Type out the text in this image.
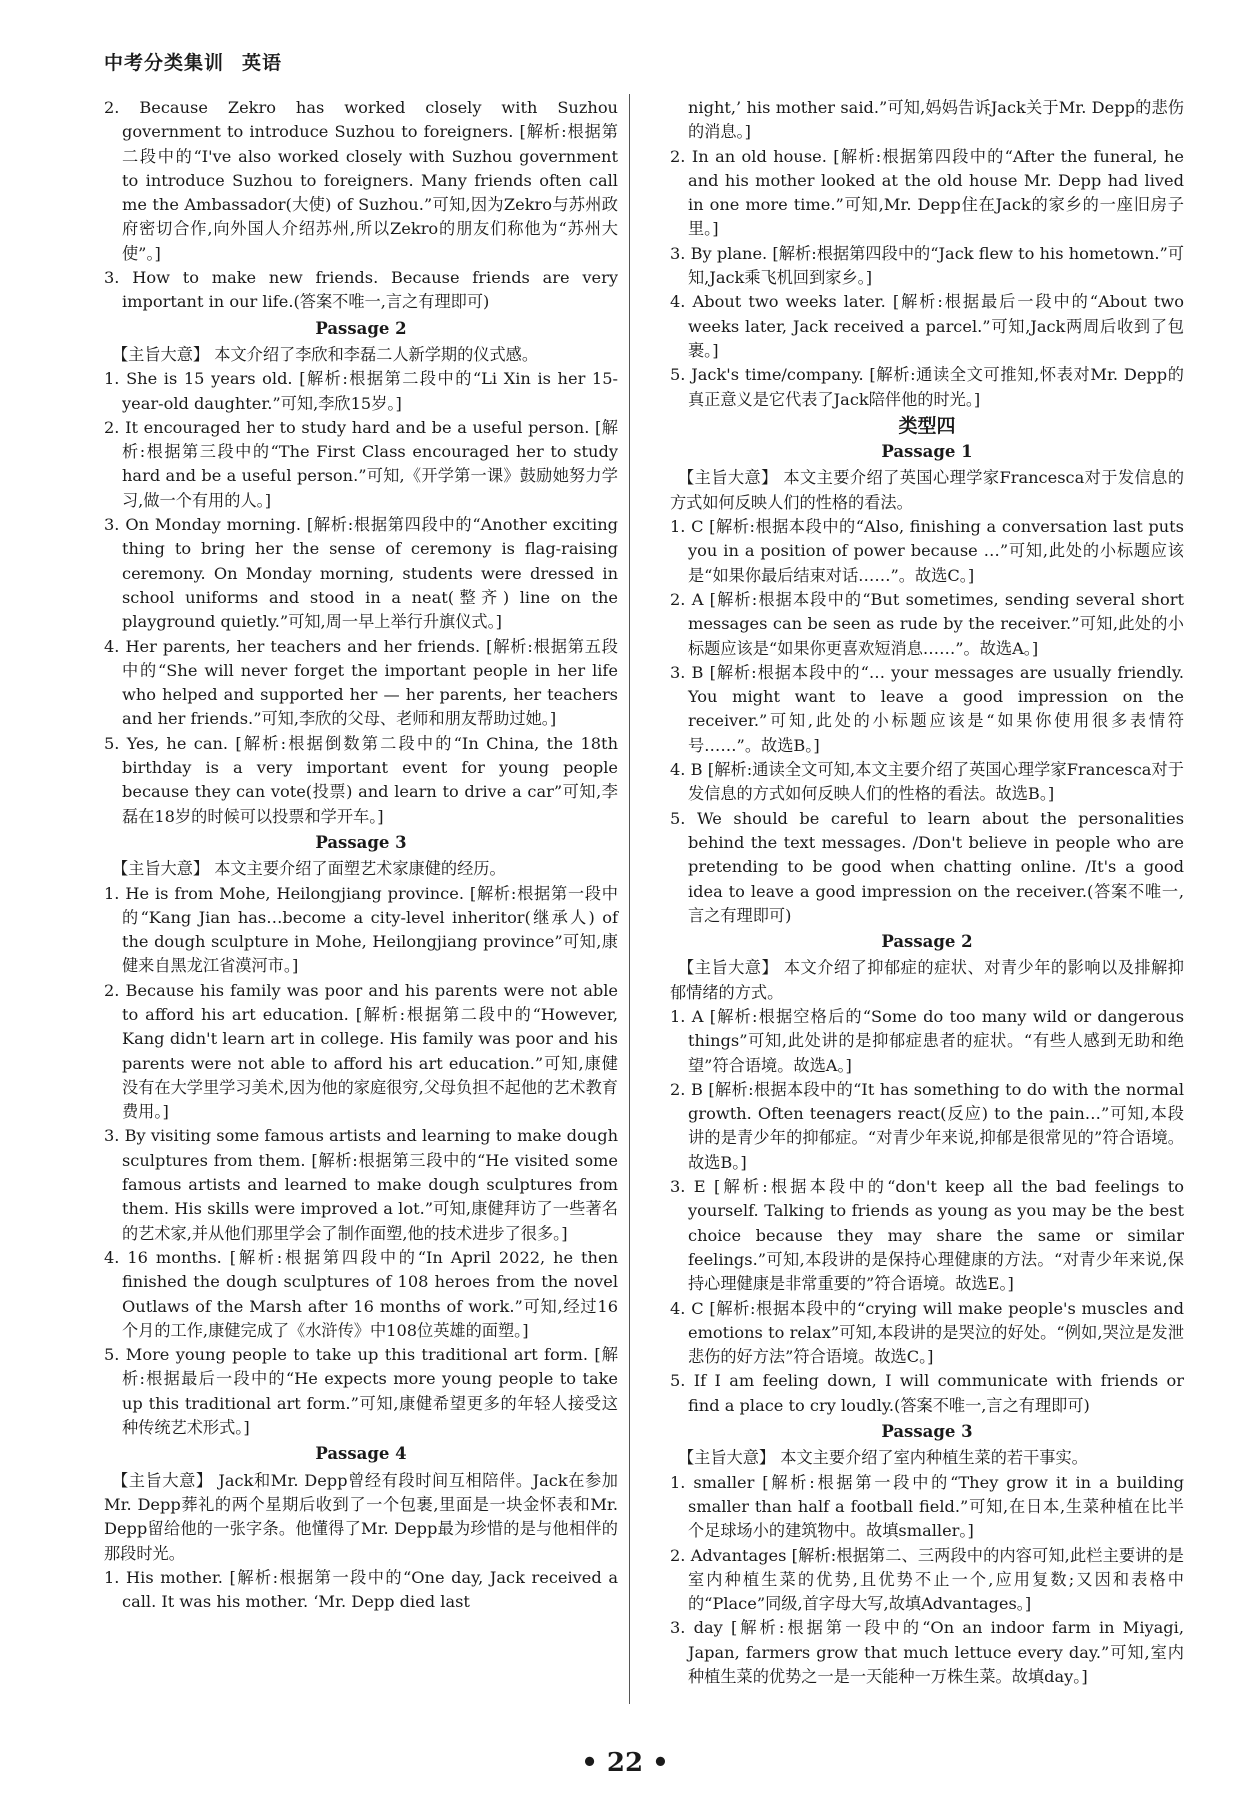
中考分类集训 英语

2. Because Zekro has worked closely with Suzhou government to introduce Suzhou to foreigners. [解析:根据第二段中的“I've also worked closely with Suzhou government to introduce Suzhou to foreigners. Many friends often call me the Ambassador(大使) of Suzhou.”可知,因为Zekro与苏州政府密切合作,向外国人介绍苏州,所以Zekro的朋友们称他为“苏州大使”。]

3. How to make new friends. Because friends are very important in our life.(答案不唯一,言之有理即可)

Passage 2

【主旨大意】 本文介绍了李欣和李磊二人新学期的仪式感。

1. She is 15 years old. [解析:根据第二段中的“Li Xin is her 15-year-old daughter.”可知,李欣15岁。]

2. It encouraged her to study hard and be a useful person. [解析:根据第三段中的“The First Class encouraged her to study hard and be a useful person.”可知,《开学第一课》鼓励她努力学习,做一个有用的人。]

3. On Monday morning. [解析:根据第四段中的“Another exciting thing to bring her the sense of ceremony is flag-raising ceremony. On Monday morning, students were dressed in school uniforms and stood in a neat(整齐) line on the playground quietly.”可知,周一早上举行升旗仪式。]

4. Her parents, her teachers and her friends. [解析:根据第五段中的“She will never forget the important people in her life who helped and supported her — her parents, her teachers and her friends.”可知,李欣的父母、老师和朋友帮助过她。]

5. Yes, he can. [解析:根据倒数第二段中的“In China, the 18th birthday is a very important event for young people because they can vote(投票) and learn to drive a car”可知,李磊在18岁的时候可以投票和学开车。]

Passage 3

【主旨大意】 本文主要介绍了面塑艺术家康健的经历。

1. He is from Mohe, Heilongjiang province. [解析:根据第一段中的“Kang Jian has…become a city-level inheritor(继承人) of the dough sculpture in Mohe, Heilongjiang province”可知,康健来自黑龙江省漠河市。]

2. Because his family was poor and his parents were not able to afford his art education. [解析:根据第二段中的“However, Kang didn't learn art in college. His family was poor and his parents were not able to afford his art education.”可知,康健没有在大学里学习美术,因为他的家庭很穷,父母负担不起他的艺术教育费用。]

3. By visiting some famous artists and learning to make dough sculptures from them. [解析:根据第三段中的“He visited some famous artists and learned to make dough sculptures from them. His skills were improved a lot.”可知,康健拜访了一些著名的艺术家,并从他们那里学会了制作面塑,他的技术进步了很多。]

4. 16 months. [解析:根据第四段中的“In April 2022, he then finished the dough sculptures of 108 heroes from the novel Outlaws of the Marsh after 16 months of work.”可知,经过16个月的工作,康健完成了《水浒传》中108位英雄的面塑。]

5. More young people to take up this traditional art form. [解析:根据最后一段中的“He expects more young people to take up this traditional art form.”可知,康健希望更多的年轻人接受这种传统艺术形式。]

Passage 4

【主旨大意】 Jack和Mr. Depp曾经有段时间互相陪伴。Jack在参加Mr. Depp葬礼的两个星期后收到了一个包裹,里面是一块金怀表和Mr. Depp留给他的一张字条。他懂得了Mr. Depp最为珍惜的是与他相伴的那段时光。

1. His mother. [解析:根据第一段中的“One day, Jack received a call. It was his mother. ‘Mr. Depp died last

night,’ his mother said.”可知,妈妈告诉Jack关于Mr. Depp的悲伤的消息。]

2. In an old house. [解析:根据第四段中的“After the funeral, he and his mother looked at the old house Mr. Depp had lived in one more time.”可知,Mr. Depp住在Jack的家乡的一座旧房子里。]

3. By plane. [解析:根据第四段中的“Jack flew to his hometown.”可知,Jack乘飞机回到家乡。]

4. About two weeks later. [解析:根据最后一段中的“About two weeks later, Jack received a parcel.”可知,Jack两周后收到了包裹。]

5. Jack's time/company. [解析:通读全文可推知,怀表对Mr. Depp的真正意义是它代表了Jack陪伴他的时光。]

类型四

Passage 1

【主旨大意】 本文主要介绍了英国心理学家Francesca对于发信息的方式如何反映人们的性格的看法。

1. C [解析:根据本段中的“Also, finishing a conversation last puts you in a position of power because …”可知,此处的小标题应该是“如果你最后结束对话……”。故选C。]

2. A [解析:根据本段中的“But sometimes, sending several short messages can be seen as rude by the receiver.”可知,此处的小标题应该是“如果你更喜欢短消息……”。故选A。]

3. B [解析:根据本段中的“… your messages are usually friendly. You might want to leave a good impression on the receiver.”可知,此处的小标题应该是“如果你使用很多表情符号……”。故选B。]

4. B [解析:通读全文可知,本文主要介绍了英国心理学家Francesca对于发信息的方式如何反映人们的性格的看法。故选B。]

5. We should be careful to learn about the personalities behind the text messages. /Don't believe in people who are pretending to be good when chatting online. /It's a good idea to leave a good impression on the receiver.(答案不唯一,言之有理即可)

Passage 2

【主旨大意】 本文介绍了抑郁症的症状、对青少年的影响以及排解抑郁情绪的方式。

1. A [解析:根据空格后的“Some do too many wild or dangerous things”可知,此处讲的是抑郁症患者的症状。“有些人感到无助和绝望”符合语境。故选A。]

2. B [解析:根据本段中的“It has something to do with the normal growth. Often teenagers react(反应) to the pain…”可知,本段讲的是青少年的抑郁症。“对青少年来说,抑郁是很常见的”符合语境。故选B。]

3. E [解析:根据本段中的“don't keep all the bad feelings to yourself. Talking to friends as young as you may be the best choice because they may share the same or similar feelings.”可知,本段讲的是保持心理健康的方法。“对青少年来说,保持心理健康是非常重要的”符合语境。故选E。]

4. C [解析:根据本段中的“crying will make people's muscles and emotions to relax”可知,本段讲的是哭泣的好处。“例如,哭泣是发泄悲伤的好方法”符合语境。故选C。]

5. If I am feeling down, I will communicate with friends or find a place to cry loudly.(答案不唯一,言之有理即可)

Passage 3

【主旨大意】 本文主要介绍了室内种植生菜的若干事实。

1. smaller [解析:根据第一段中的“They grow it in a building smaller than half a football field.”可知,在日本,生菜种植在比半个足球场小的建筑物中。故填smaller。]

2. Advantages [解析:根据第二、三两段中的内容可知,此栏主要讲的是室内种植生菜的优势,且优势不止一个,应用复数;又因和表格中的“Place”同级,首字母大写,故填Advantages。]

3. day [解析:根据第一段中的“On an indoor farm in Miyagi, Japan, farmers grow that much lettuce every day.”可知,室内种植生菜的优势之一是一天能种一万株生菜。故填day。]

• 22 •
